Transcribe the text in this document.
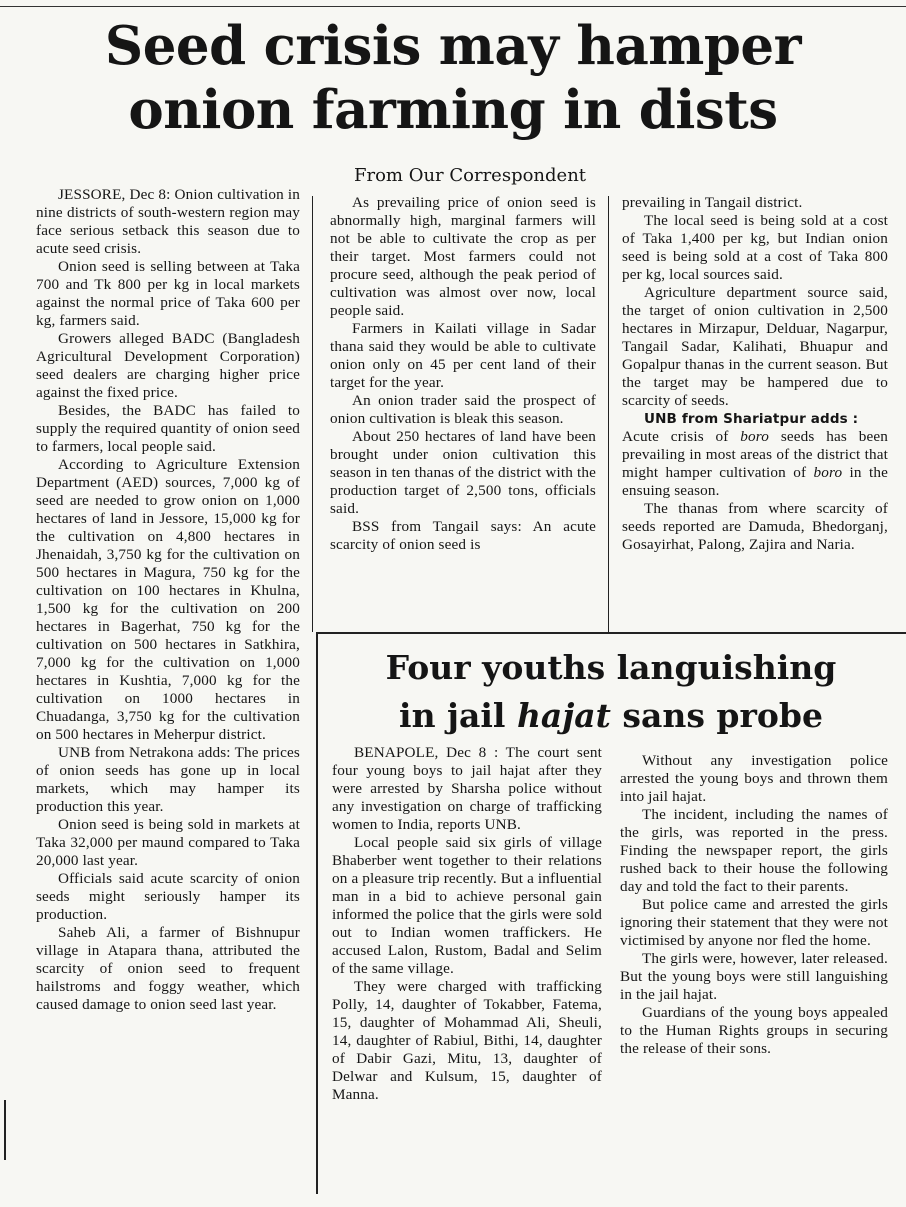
Seed crisis may hamper
onion farming in dists
From Our Correspondent

JESSORE, Dec 8: Onion cultivation in nine districts of south-western region may face serious setback this season due to acute seed crisis.

Onion seed is selling between at Taka 700 and Tk 800 per kg in local markets against the normal price of Taka 600 per kg, farmers said.

Growers alleged BADC (Bangladesh Agricultural Development Corporation) seed dealers are charging higher price against the fixed price.

Besides, the BADC has failed to supply the required quantity of onion seed to farmers, local people said.

According to Agriculture Extension Department (AED) sources, 7,000 kg of seed are needed to grow onion on 1,000 hectares of land in Jessore, 15,000 kg for the cultivation on 4,800 hectares in Jhenaidah, 3,750 kg for the cultivation on 500 hectares in Magura, 750 kg for the cultivation on 100 hectares in Khulna, 1,500 kg for the cultivation on 200 hectares in Bagerhat, 750 kg for the cultivation on 500 hectares in Satkhira, 7,000 kg for the cultivation on 1,000 hectares in Kushtia, 7,000 kg for the cultivation on 1000 hectares in Chuadanga, 3,750 kg for the cultivation on 500 hectares in Meherpur district.

UNB from Netrakona adds: The prices of onion seeds has gone up in local markets, which may hamper its production this year.

Onion seed is being sold in markets at Taka 32,000 per maund compared to Taka 20,000 last year.

Officials said acute scarcity of onion seeds might seriously hamper its production.

Saheb Ali, a farmer of Bishnupur village in Atapara thana, attributed the scarcity of onion seed to frequent hailstroms and foggy weather, which caused damage to onion seed last year.

As prevailing price of onion seed is abnormally high, marginal farmers will not be able to cultivate the crop as per their target. Most farmers could not procure seed, although the peak period of cultivation was almost over now, local people said.

Farmers in Kailati village in Sadar thana said they would be able to cultivate onion only on 45 per cent land of their target for the year.

An onion trader said the prospect of onion cultivation is bleak this season.

About 250 hectares of land have been brought under onion cultivation this season in ten thanas of the district with the production target of 2,500 tons, officials said.

BSS from Tangail says: An acute scarcity of onion seed is

prevailing in Tangail district.

The local seed is being sold at a cost of Taka 1,400 per kg, but Indian onion seed is being sold at a cost of Taka 800 per kg, local sources said.

Agriculture department source said, the target of onion cultivation in 2,500 hectares in Mirzapur, Delduar, Nagarpur, Tangail Sadar, Kalihati, Bhuapur and Gopalpur thanas in the current season. But the target may be hampered due to scarcity of seeds.

UNB from Shariatpur adds :
Acute crisis of boro seeds has been prevailing in most areas of the district that might hamper cultivation of boro in the ensuing season.

The thanas from where scarcity of seeds reported are Damuda, Bhedorganj, Gosayirhat, Palong, Zajira and Naria.

Four youths languishing
in jail hajat sans probe

BENAPOLE, Dec 8 : The court sent four young boys to jail hajat after they were arrested by Sharsha police without any investigation on charge of trafficking women to India, reports UNB.

Local people said six girls of village Bhaberber went together to their relations on a pleasure trip recently. But a influential man in a bid to achieve personal gain informed the police that the girls were sold out to Indian women traffickers. He accused Lalon, Rustom, Badal and Selim of the same village.

They were charged with trafficking Polly, 14, daughter of Tokabber, Fatema, 15, daughter of Mohammad Ali, Sheuli, 14, daughter of Rabiul, Bithi, 14, daughter of Dabir Gazi, Mitu, 13, daughter of Delwar and Kulsum, 15, daughter of Manna.

Without any investigation police arrested the young boys and thrown them into jail hajat.

The incident, including the names of the girls, was reported in the press. Finding the newspaper report, the girls rushed back to their house the following day and told the fact to their parents.

But police came and arrested the girls ignoring their statement that they were not victimised by anyone nor fled the home.

The girls were, however, later released. But the young boys were still languishing in the jail hajat.

Guardians of the young boys appealed to the Human Rights groups in securing the release of their sons.
